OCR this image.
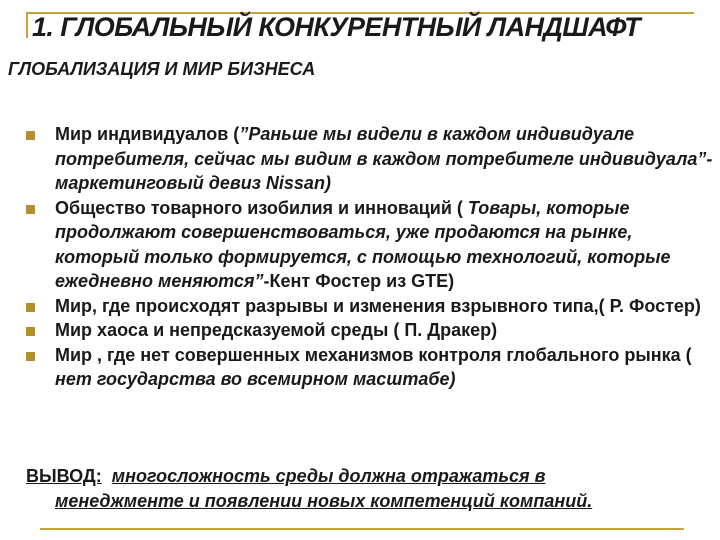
1. ГЛОБАЛЬНЫЙ КОНКУРЕНТНЫЙ ЛАНДШАФТ
ГЛОБАЛИЗАЦИЯ И МИР БИЗНЕСА
Мир индивидуалов (”Раньше мы видели в каждом индивидуале потребителя, сейчас мы видим в каждом потребителе индивидуала”- маркетинговый девиз Nissan)
Общество товарного изобилия и инноваций ( Товары, которые продолжают совершенствоваться, уже продаются на рынке, который только формируется, с помощью технологий, которые ежедневно меняются”-Кент Фостер из GTE)
Мир, где происходят разрывы и изменения взрывного типа,( Р. Фостер)
Мир хаоса и непредсказуемой среды ( П. Дракер)
Мир , где нет совершенных механизмов контроля глобального рынка ( нет государства во всемирном масштабе)
ВЫВОД: многосложность среды должна отражаться в
менеджменте и появлении новых компетенций компаний.
